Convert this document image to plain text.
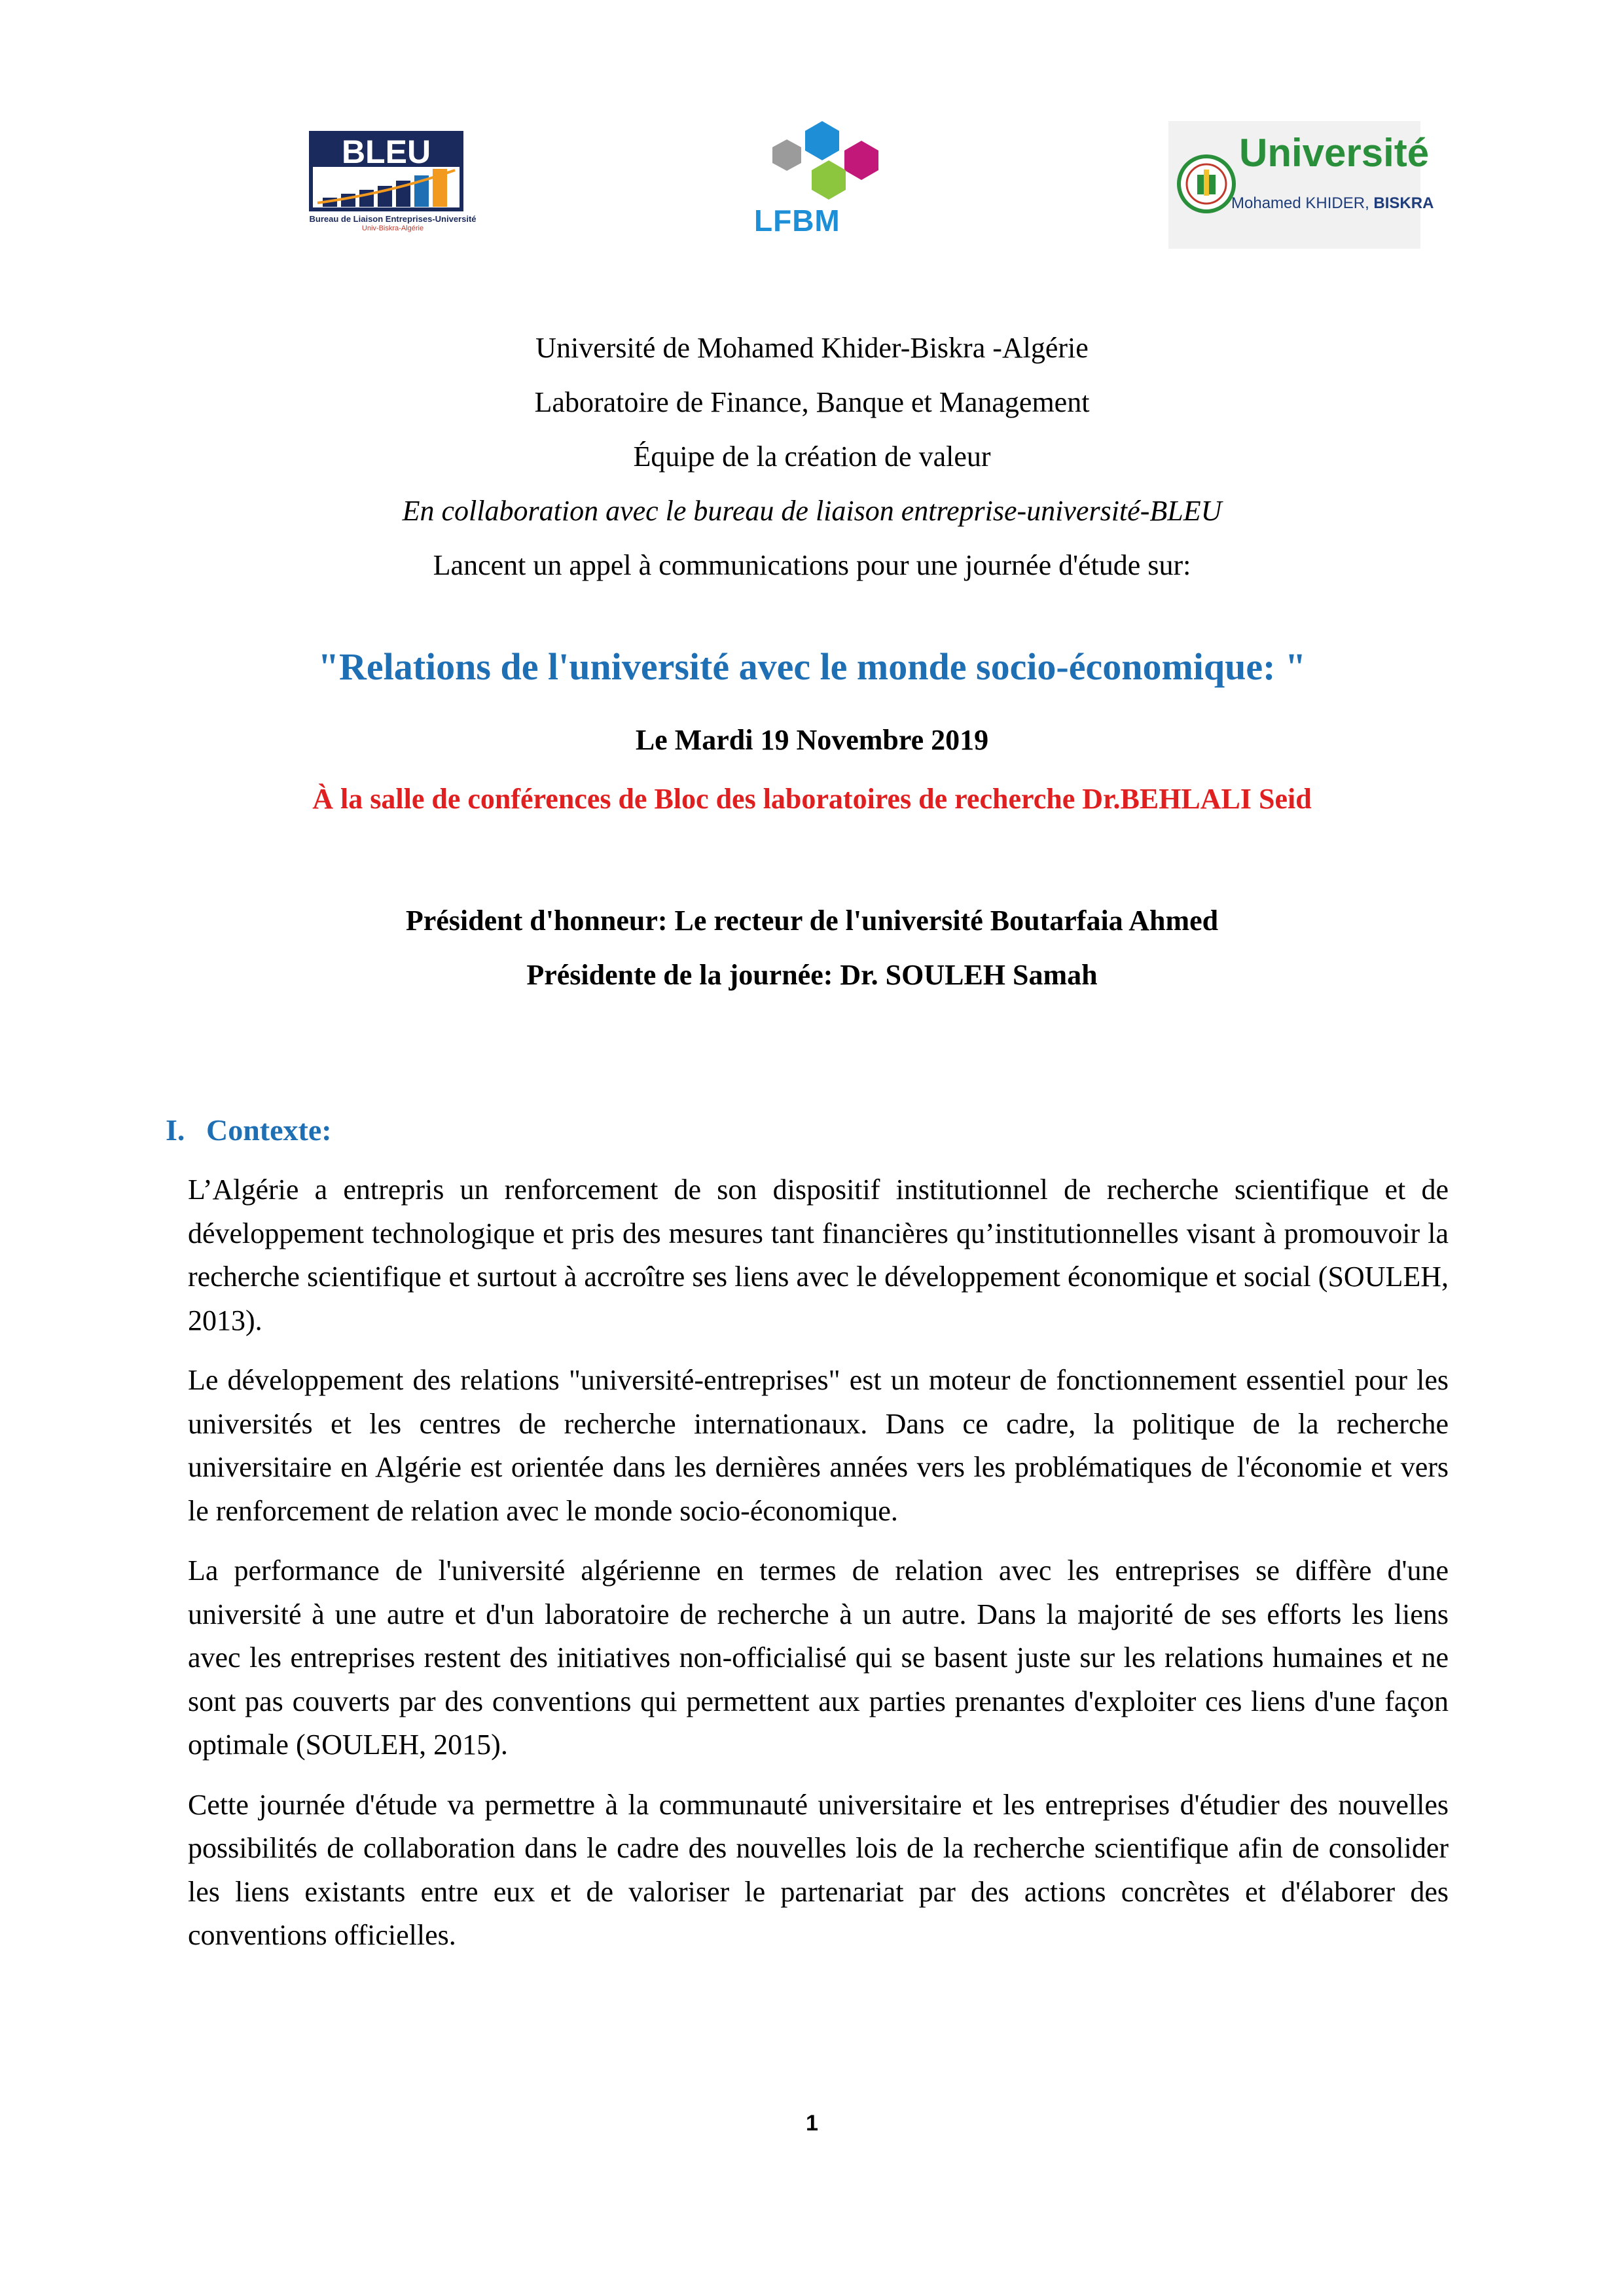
BLEU
Bureau de Liaison Entreprises-Université
Univ-Biskra-Algérie	LFBM
Université
Mohamed KHIDER, BISKRA
Université de Mohamed Khider-Biskra -Algérie
Laboratoire de Finance, Banque et Management
Équipe de la création de valeur
En collaboration avec le bureau de liaison entreprise-université-BLEU
Lancent un appel à communications pour une journée d'étude sur:
"Relations de l'université avec le monde socio-économique: "
Le Mardi 19 Novembre 2019
À la salle de conférences de Bloc des laboratoires de recherche Dr.BEHLALI Seid
Président d'honneur: Le recteur de l'université Boutarfaia Ahmed
Présidente de la journée: Dr. SOULEH Samah
I. Contexte:

L’Algérie a entrepris un renforcement de son dispositif institutionnel de recherche scientifique et de développement technologique et pris des mesures tant financières qu’institutionnelles visant à promouvoir la recherche scientifique et surtout à accroître ses liens avec le développement économique et social (SOULEH, 2013).

Le développement des relations "université-entreprises" est un moteur de fonctionnement essentiel pour les universités et les centres de recherche internationaux. Dans ce cadre, la politique de la recherche universitaire en Algérie est orientée dans les dernières années vers les problématiques de l'économie et vers le renforcement de relation avec le monde socio-économique.

La performance de l'université algérienne en termes de relation avec les entreprises se diffère d'une université à une autre et d'un laboratoire de recherche à un autre. Dans la majorité de ses efforts les liens avec les entreprises restent des initiatives non-officialisé qui se basent juste sur les relations humaines et ne sont pas couverts par des conventions qui permettent aux parties prenantes d'exploiter ces liens d'une façon optimale (SOULEH, 2015).

Cette journée d'étude va permettre à la communauté universitaire et les entreprises d'étudier des nouvelles possibilités de collaboration dans le cadre des nouvelles lois de la recherche scientifique afin de consolider les liens existants entre eux et de valoriser le partenariat par des actions concrètes et d'élaborer des conventions officielles.

1
